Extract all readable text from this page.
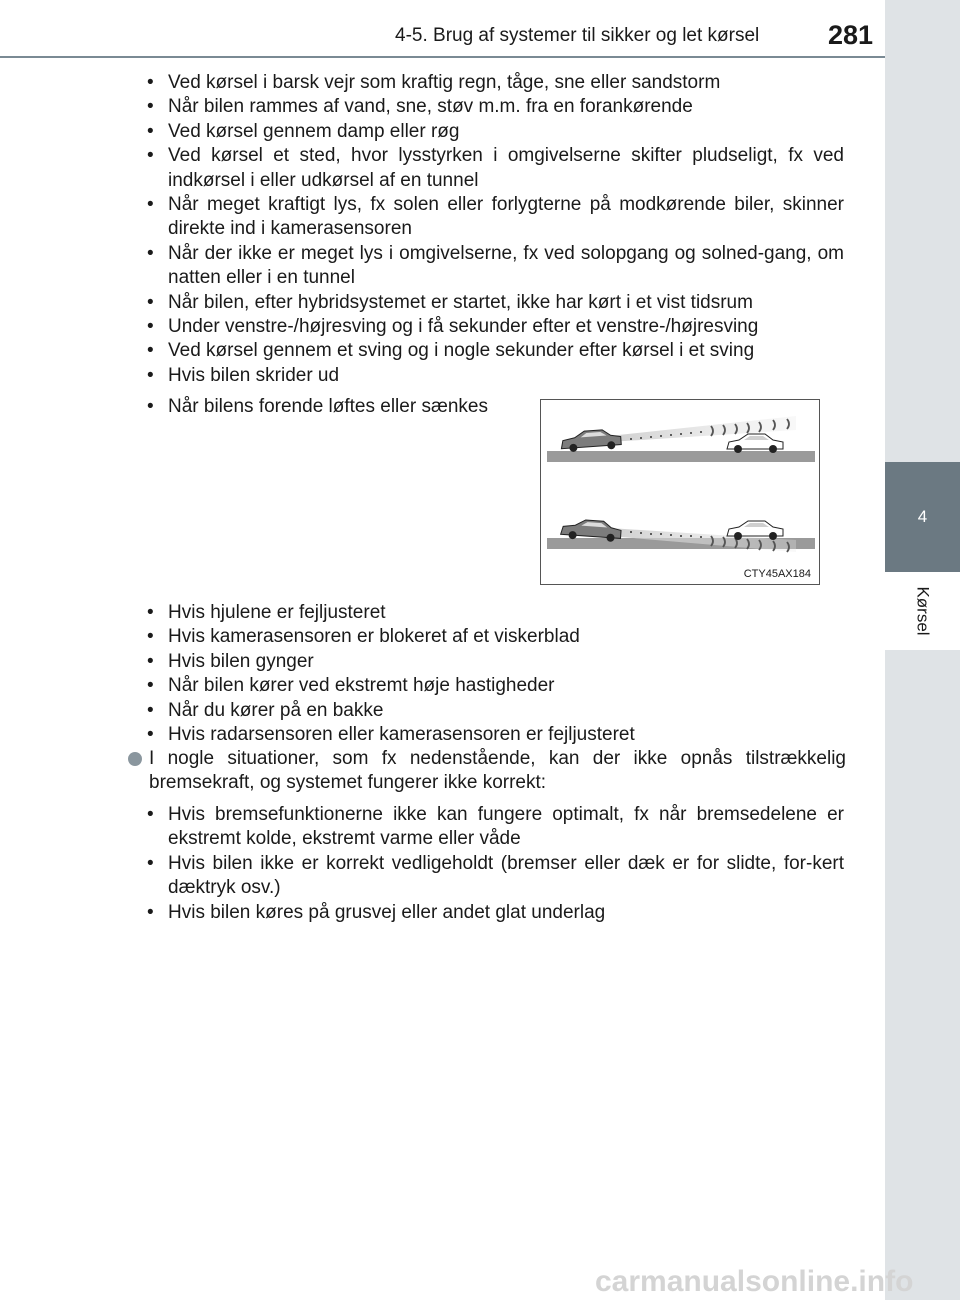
4-5. Brug af systemer til sikker og let kørsel	281
4
Kørsel
• Ved kørsel i barsk vejr som kraftig regn, tåge, sne eller sandstorm
• Når bilen rammes af vand, sne, støv m.m. fra en forankørende
• Ved kørsel gennem damp eller røg
• Ved kørsel et sted, hvor lysstyrken i omgivelserne skifter pludseligt, fx ved indkørsel i eller udkørsel af en tunnel
• Når meget kraftigt lys, fx solen eller forlygterne på modkørende biler, skinner direkte ind i kamerasensoren
• Når der ikke er meget lys i omgivelserne, fx ved solopgang og solned-gang, om natten eller i en tunnel
• Når bilen, efter hybridsystemet er startet, ikke har kørt i et vist tidsrum
• Under venstre-/højresving og i få sekunder efter et venstre-/højresving
• Ved kørsel gennem et sving og i nogle sekunder efter kørsel i et sving
• Hvis bilen skrider ud
• Når bilens forende løftes eller sænkes
CTY45AX184
• Hvis hjulene er fejljusteret
• Hvis kamerasensoren er blokeret af et viskerblad
• Hvis bilen gynger
• Når bilen kører ved ekstremt høje hastigheder
• Når du kører på en bakke
• Hvis radarsensoren eller kamerasensoren er fejljusteret
I nogle situationer, som fx nedenstående, kan der ikke opnås tilstrækkelig bremsekraft, og systemet fungerer ikke korrekt:
• Hvis bremsefunktionerne ikke kan fungere optimalt, fx når bremsedelene er ekstremt kolde, ekstremt varme eller våde
• Hvis bilen ikke er korrekt vedligeholdt (bremser eller dæk er for slidte, for-kert dæktryk osv.)
• Hvis bilen køres på grusvej eller andet glat underlag
carmanualsonline.info
